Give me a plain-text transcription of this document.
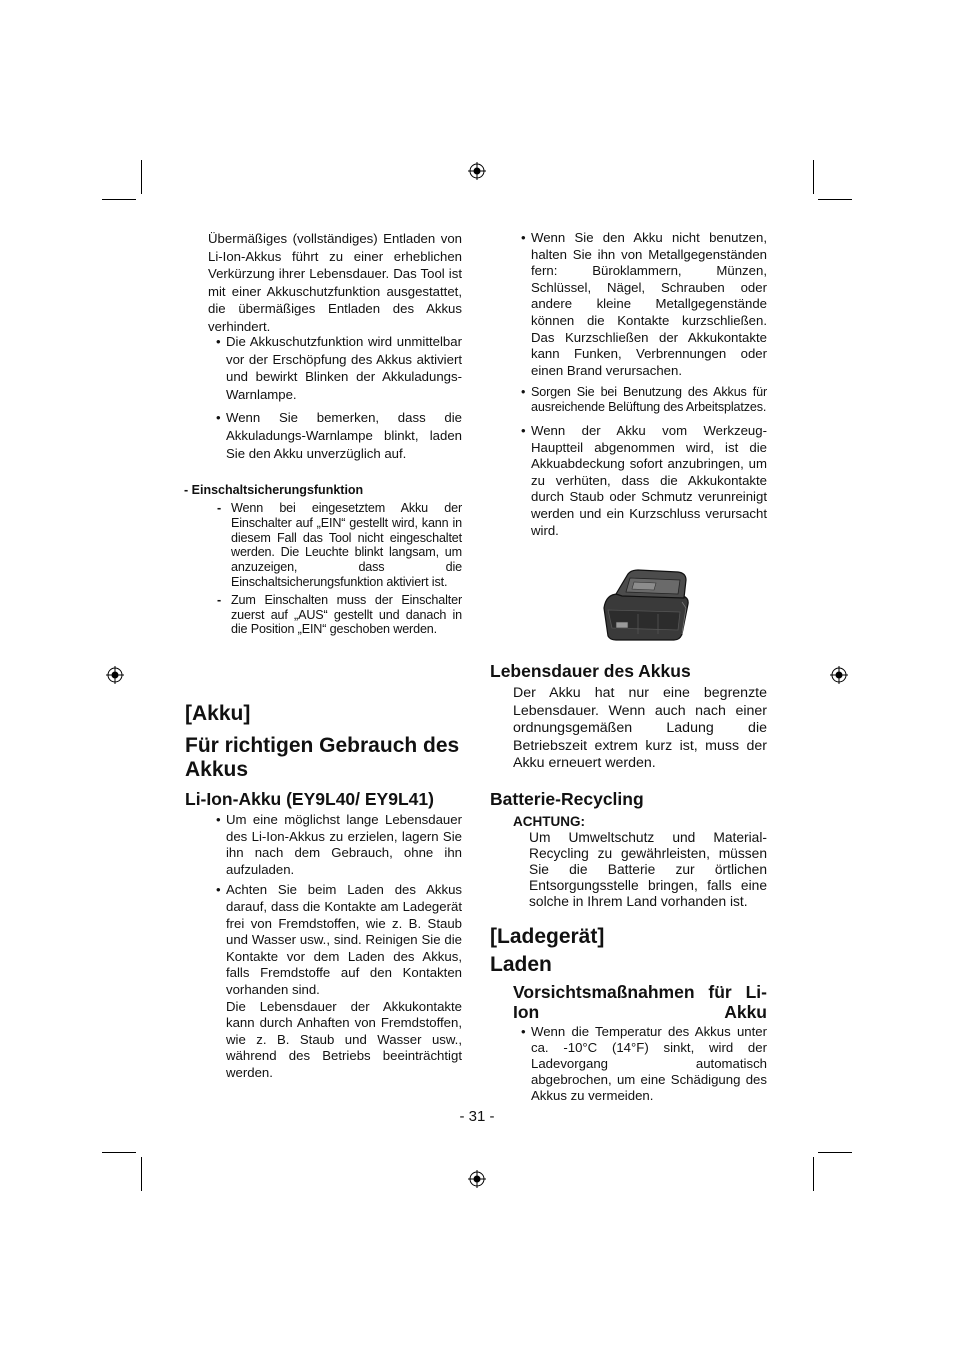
Übermäßiges (vollständiges) Entladen von Li-Ion-Akkus führt zu einer erheblichen Verkürzung ihrer Lebensdauer. Das Tool ist mit einer Akkuschutzfunktion ausgestattet, die übermäßiges Entladen des Akkus verhindert.

• Die Akkuschutzfunktion wird unmittelbar vor der Erschöpfung des Akkus aktiviert und bewirkt Blinken der Akkuladungs-Warnlampe.
• Wenn Sie bemerken, dass die Akkuladungs-Warnlampe blinkt, laden Sie den Akku unverzüglich auf.
- Einschaltsicherungsfunktion
- Wenn bei eingesetztem Akku der Einschalter auf „EIN“ gestellt wird, kann in diesem Fall das Tool nicht eingeschaltet werden. Die Leuchte blinkt langsam, um anzuzeigen, dass die Einschaltsicherungsfunktion aktiviert ist.
- Zum Einschalten muss der Einschalter zuerst auf „AUS“ gestellt und danach in die Position „EIN“ geschoben werden.
[Akku]
Für richtigen Gebrauch des Akkus
Li-Ion-Akku (EY9L40/ EY9L41)
• Um eine möglichst lange Lebensdauer des Li-Ion-Akkus zu erzielen, lagern Sie ihn nach dem Gebrauch, ohne ihn aufzuladen.
• Achten Sie beim Laden des Akkus darauf, dass die Kontakte am Ladegerät frei von Fremdstoffen, wie z. B. Staub und Wasser usw., sind. Reinigen Sie die Kontakte vor dem Laden des Akkus, falls Fremdstoffe auf den Kontakten vorhanden sind.

Die Lebensdauer der Akkukontakte kann durch Anhaften von Fremdstoffen, wie z. B. Staub und Wasser usw., während des Betriebs beeinträchtigt werden.

• Wenn Sie den Akku nicht benutzen, halten Sie ihn von Metallgegenständen fern: Büroklammern, Münzen, Schlüssel, Nägel, Schrauben oder andere kleine Metallgegenstände können die Kontakte kurzschließen. Das Kurzschließen der Akkukontakte kann Funken, Verbrennungen oder einen Brand verursachen.
• Sorgen Sie bei Benutzung des Akkus für ausreichende Belüftung des Arbeitsplatzes.
• Wenn der Akku vom Werkzeug-Hauptteil abgenommen wird, ist die Akkuabdeckung sofort anzubringen, um zu verhüten, dass die Akkukontakte durch Staub oder Schmutz verunreinigt werden und ein Kurzschluss verursacht wird.
Lebensdauer des Akkus

Der Akku hat nur eine begrenzte Lebensdauer. Wenn auch nach einer ordnungsgemäßen Ladung die Betriebszeit extrem kurz ist, muss der Akku erneuert werden.

Batterie-Recycling
ACHTUNG:

Um Umweltschutz und Material-Recycling zu gewährleisten, müssen Sie die Batterie zur örtlichen Entsorgungsstelle bringen, falls eine solche in Ihrem Land vorhanden ist.

[Ladegerät]
Laden
Vorsichtsmaßnahmen für Li-Ion Akku
• Wenn die Temperatur des Akkus unter ca. -10°C (14°F) sinkt, wird der Ladevorgang automatisch abgebrochen, um eine Schädigung des Akkus zu vermeiden.
- 31 -
